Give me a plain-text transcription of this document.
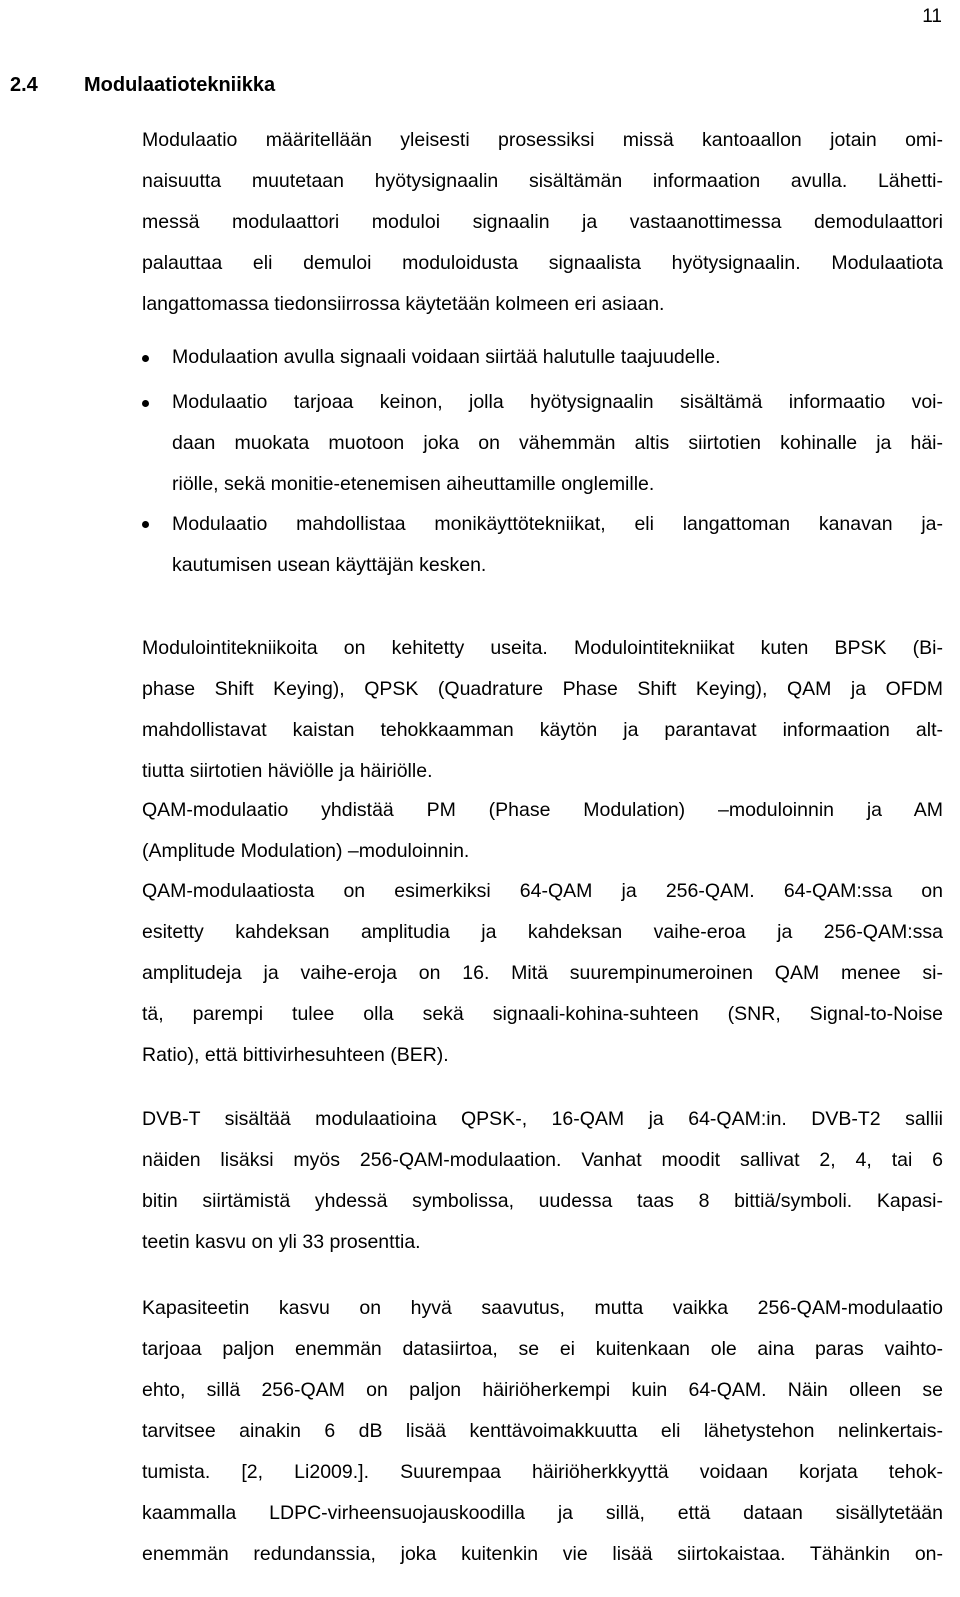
11
2.4 Modulaatiotekniikka
Modulaatio määritellään yleisesti prosessiksi missä kantoaallon jotain omi-
naisuutta muutetaan hyötysignaalin sisältämän informaation avulla. Lähetti-
messä modulaattori moduloi signaalin ja vastaanottimessa demodulaattori
palauttaa eli demuloi moduloidusta signaalista hyötysignaalin. Modulaatiota
langattomassa tiedonsiirrossa käytetään kolmeen eri asiaan.
Modulaation avulla signaali voidaan siirtää halutulle taajuudelle.
Modulaatio tarjoaa keinon, jolla hyötysignaalin sisältämä informaatio voi-
daan muokata muotoon joka on vähemmän altis siirtotien kohinalle ja häi-
riölle, sekä monitie-etenemisen aiheuttamille onglemille.
Modulaatio mahdollistaa monikäyttötekniikat, eli langattoman kanavan ja-
kautumisen usean käyttäjän kesken.
Modulointitekniikoita on kehitetty useita. Modulointitekniikat kuten BPSK (Bi-
phase Shift Keying), QPSK (Quadrature Phase Shift Keying), QAM ja OFDM
mahdollistavat kaistan tehokkaamman käytön ja parantavat informaation alt-
tiutta siirtotien häviölle ja häiriölle.
QAM-modulaatio yhdistää PM (Phase Modulation) –moduloinnin ja AM
(Amplitude Modulation) –moduloinnin.
QAM-modulaatiosta on esimerkiksi 64-QAM ja 256-QAM. 64-QAM:ssa on
esitetty kahdeksan amplitudia ja kahdeksan vaihe-eroa ja 256-QAM:ssa
amplitudeja ja vaihe-eroja on 16. Mitä suurempinumeroinen QAM menee si-
tä, parempi tulee olla sekä signaali-kohina-suhteen (SNR, Signal-to-Noise
Ratio), että bittivirhesuhteen (BER).
DVB-T sisältää modulaatioina QPSK-, 16-QAM ja 64-QAM:in. DVB-T2 sallii
näiden lisäksi myös 256-QAM-modulaation. Vanhat moodit sallivat 2, 4, tai 6
bitin siirtämistä yhdessä symbolissa, uudessa taas 8 bittiä/symboli. Kapasi-
teetin kasvu on yli 33 prosenttia.
Kapasiteetin kasvu on hyvä saavutus, mutta vaikka 256-QAM-modulaatio
tarjoaa paljon enemmän datasiirtoa, se ei kuitenkaan ole aina paras vaihto-
ehto, sillä 256-QAM on paljon häiriöherkempi kuin 64-QAM. Näin olleen se
tarvitsee ainakin 6 dB lisää kenttävoimakkuutta eli lähetystehon nelinkertais-
tumista. [2, Li2009.]. Suurempaa häiriöherkkyyttä voidaan korjata tehok-
kaammalla LDPC-virheensuojauskoodilla ja sillä, että dataan sisällytetään
enemmän redundanssia, joka kuitenkin vie lisää siirtokaistaa. Tähänkin on-
